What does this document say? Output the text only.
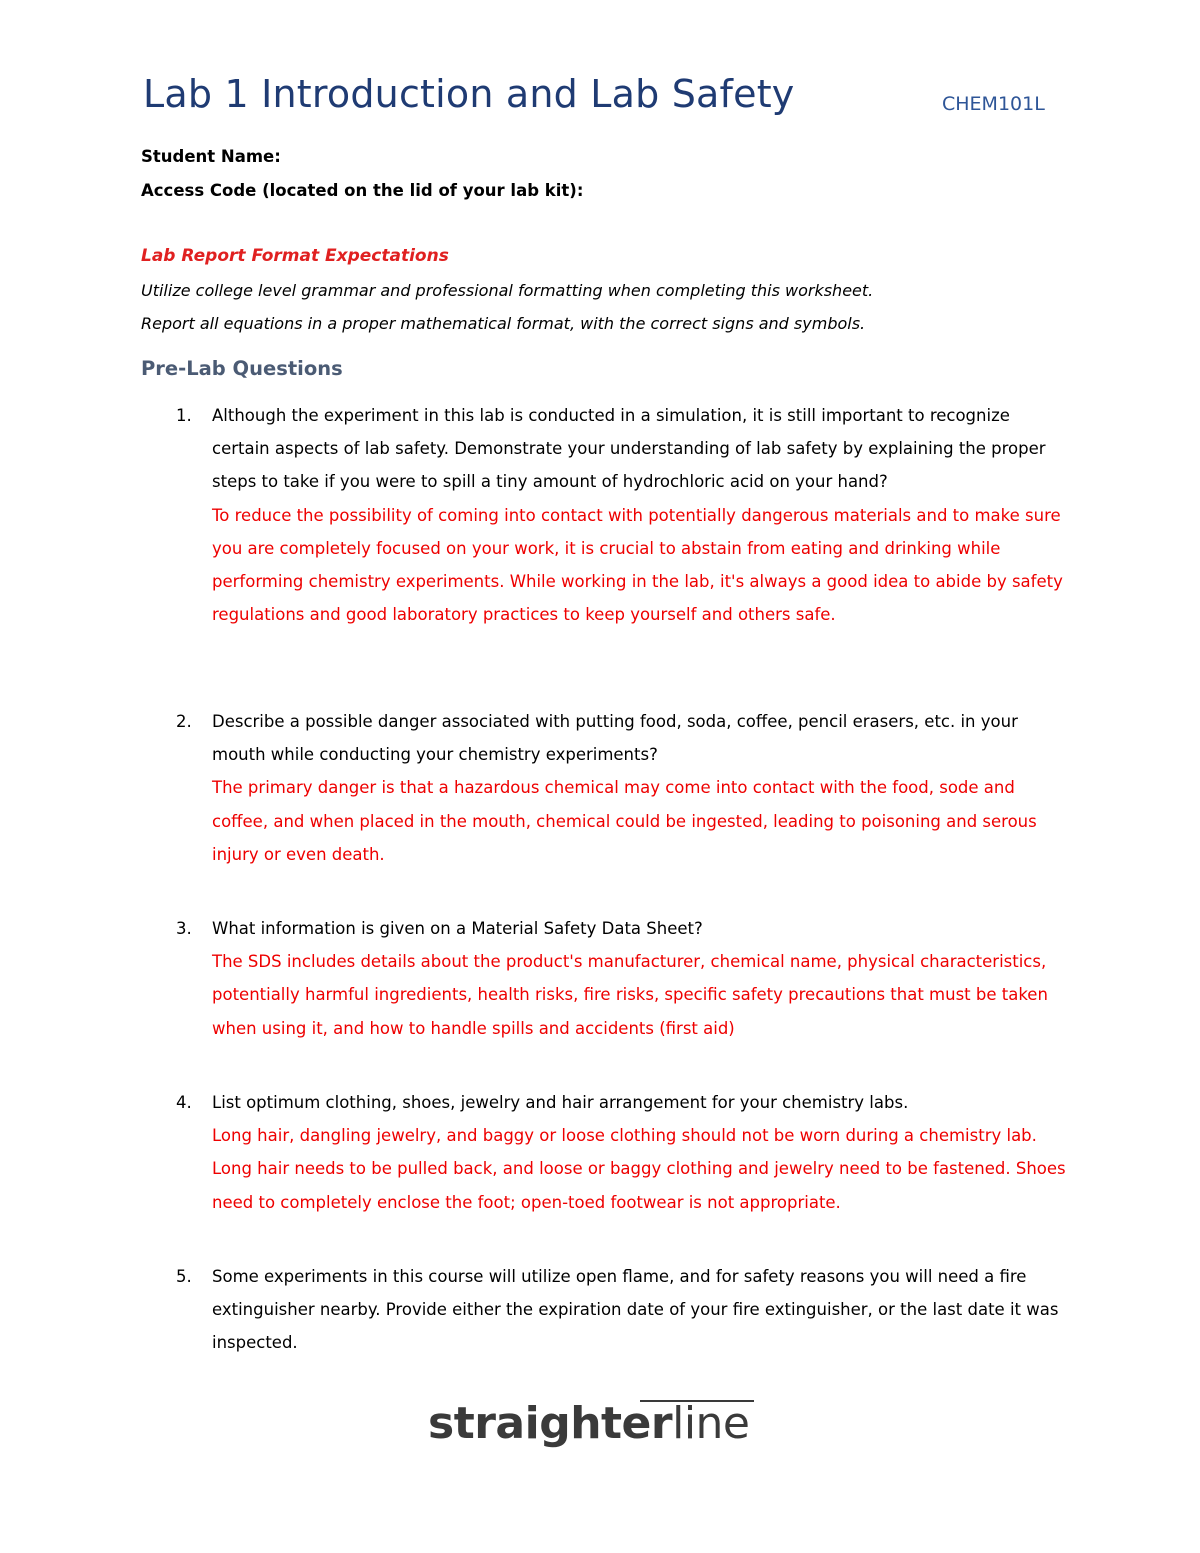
Lab 1 Introduction and Lab Safety	CHEM101L
Student Name:
Access Code (located on the lid of your lab kit):
Lab Report Format Expectations
Utilize college level grammar and professional formatting when completing this worksheet.
Report all equations in a proper mathematical format, with the correct signs and symbols.
Pre-Lab Questions
1. Although the experiment in this lab is conducted in a simulation, it is still important to recognize certain aspects of lab safety. Demonstrate your understanding of lab safety by explaining the proper steps to take if you were to spill a tiny amount of hydrochloric acid on your hand?

To reduce the possibility of coming into contact with potentially dangerous materials and to make sure you are completely focused on your work, it is crucial to abstain from eating and drinking while performing chemistry experiments. While working in the lab, it's always a good idea to abide by safety regulations and good laboratory practices to keep yourself and others safe.

2. Describe a possible danger associated with putting food, soda, coffee, pencil erasers, etc. in your mouth while conducting your chemistry experiments?

The primary danger is that a hazardous chemical may come into contact with the food, sode and coffee, and when placed in the mouth, chemical could be ingested, leading to poisoning and serous injury or even death.

3. What information is given on a Material Safety Data Sheet?

The SDS includes details about the product's manufacturer, chemical name, physical characteristics, potentially harmful ingredients, health risks, fire risks, specific safety precautions that must be taken when using it, and how to handle spills and accidents (first aid)

4. List optimum clothing, shoes, jewelry and hair arrangement for your chemistry labs.

Long hair, dangling jewelry, and baggy or loose clothing should not be worn during a chemistry lab. Long hair needs to be pulled back, and loose or baggy clothing and jewelry need to be fastened. Shoes need to completely enclose the foot; open-toed footwear is not appropriate.

5. Some experiments in this course will utilize open flame, and for safety reasons you will need a fire extinguisher nearby. Provide either the expiration date of your fire extinguisher, or the last date it was inspected.

straighterline
